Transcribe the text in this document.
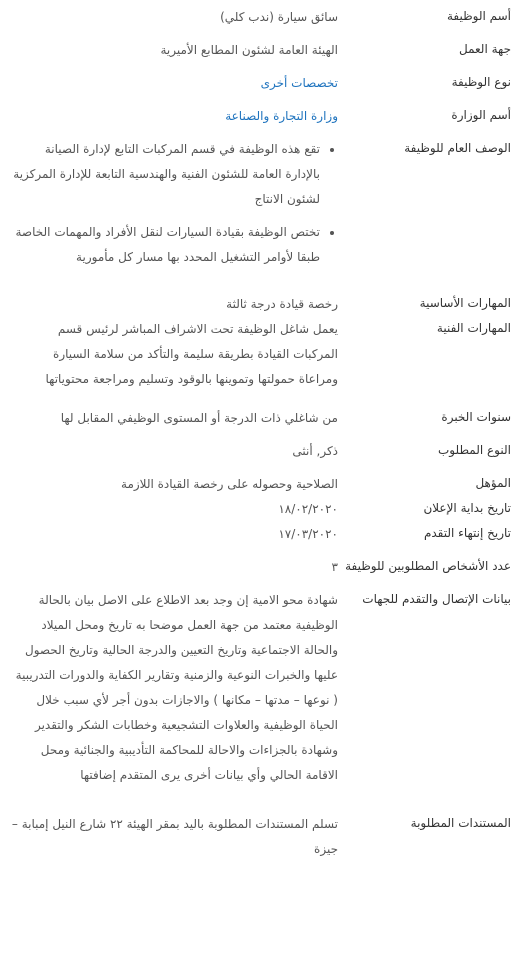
أسم الوظيفة
سائق سيارة (ندب كلي)
جهة العمل
الهيئة العامة لشئون المطابع الأميرية
نوع الوظيفة
تخصصات أخرى
أسم الوزارة
وزارة التجارة والصناعة
الوصف العام للوظيفة
• تقع هذه الوظيفة في قسم المركبات التابع لإدارة الصيانة بالإدارة العامة للشئون الفنية والهندسية التابعة للإدارة المركزية لشئون الانتاج
• تختص الوظيفة بقيادة السيارات لنقل الأفراد والمهمات الخاصة طبقا لأوامر التشغيل المحدد بها مسار كل مأمورية
المهارات الأساسية
رخصة قيادة درجة ثالثة
المهارات الفنية
يعمل شاغل الوظيفة تحت الاشراف المباشر لرئيس قسم المركبات القيادة بطريقة سليمة والتأكد من سلامة السيارة ومراعاة حمولتها وتموينها بالوقود وتسليم ومراجعة محتوياتها
سنوات الخبرة
من شاغلي ذات الدرجة أو المستوى الوظيفي المقابل لها
النوع المطلوب
ذكر, أنثى
المؤهل
الصلاحية وحصوله على رخصة القيادة اللازمة
تاريخ بداية الإعلان
١٨/٠٢/٢٠٢٠
تاريخ إنتهاء التقدم
١٧/٠٣/٢٠٢٠
عدد الأشخاص المطلوبين للوظيفة
٣
بيانات الإتصال والتقدم للجهات
شهادة محو الامية إن وجد بعد الاطلاع على الاصل بيان بالحالة الوظيفية معتمد من جهة العمل موضحا به تاريخ ومحل الميلاد والحالة الاجتماعية وتاريخ التعيين والدرجة الحالية وتاريخ الحصول عليها والخبرات النوعية والزمنية وتقارير الكفاية والدورات التدريبية ( نوعها – مدتها – مكانها ) والاجازات بدون أجر لأي سبب خلال الحياة الوظيفية والعلاوات التشجيعية وخطابات الشكر والتقدير وشهادة بالجزاءات والاحالة للمحاكمة التأديبية والجنائية ومحل الاقامة الحالي وأي بيانات أخرى يرى المتقدم إضافتها
المستندات المطلوبة
تسلم المستندات المطلوبة باليد بمقر الهيئة ٢٢ شارع النيل إمبابة – جيزة
